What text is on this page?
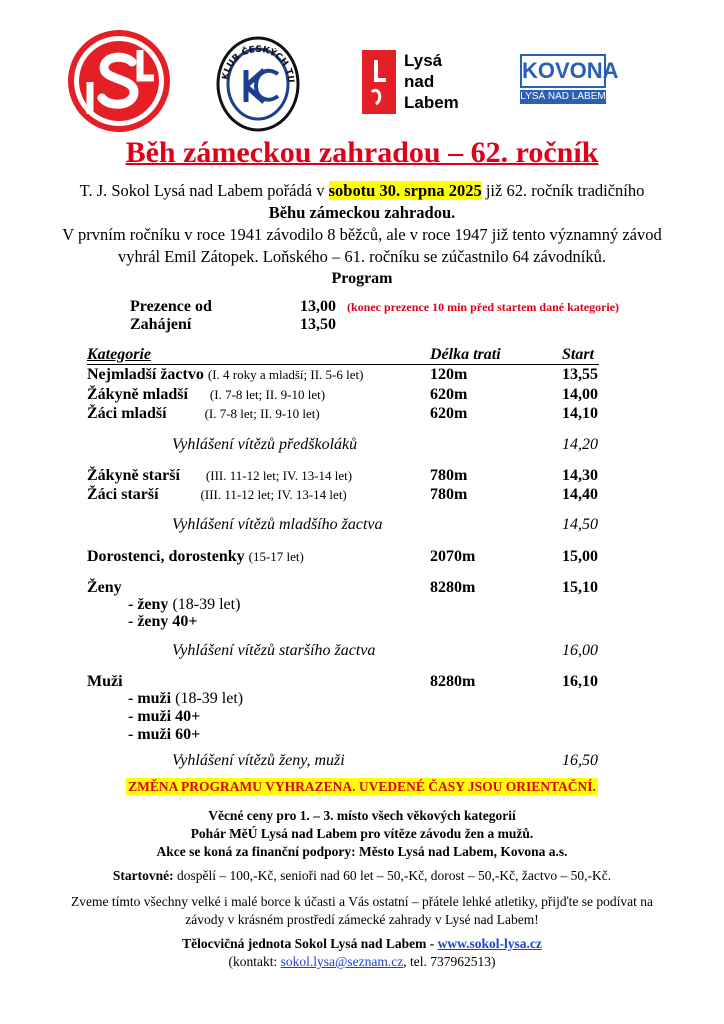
KLUB ČESKÝCH TU
Lysá
nad
Labem
KOVONA
LYSÁ NAD LABEM
Běh zámeckou zahradou – 62. ročník
T. J. Sokol Lysá nad Labem pořádá v sobotu 30. srpna 2025 již 62. ročník tradičního
Běhu zámeckou zahradou.
V prvním ročníku v roce 1941 závodilo 8 běžců, ale v roce 1947 již tento významný závod
vyhrál Emil Zátopek. Loňského – 61. ročníku se zúčastnilo 64 závodníků.
Program
Prezence od	13,00 (konec prezence 10 min před startem dané kategorie)
Zahájení	13,50
Kategorie	Délka trati	Start
Nejmladší žactvo (I. 4 roky a mladší; II. 5-6 let)	120m	13,55
Žákyně mladší (I. 7-8 let; II. 9-10 let)	620m	14,00
Žáci mladší	(I. 7-8 let; II. 9-10 let)	620m	14,10
Vyhlášení vítězů předškoláků	14,20
Žákyně starší (III. 11-12 let; IV. 13-14 let)	780m	14,30
Žáci starší	(III. 11-12 let; IV. 13-14 let)	780m	14,40
Vyhlášení vítězů mladšího žactva	14,50
Dorostenci, dorostenky (15-17 let)	2070m	15,00
Ženy	8280m	15,10
- ženy (18-39 let)
- ženy 40+
Vyhlášení vítězů staršího žactva	16,00
Muži	8280m	16,10
- muži (18-39 let)
- muži 40+
- muži 60+
Vyhlášení vítězů ženy, muži	16,50
ZMĚNA PROGRAMU VYHRAZENA. UVEDENÉ ČASY JSOU ORIENTAČNÍ.
Věcné ceny pro 1. – 3. místo všech věkových kategorií
Pohár MěÚ Lysá nad Labem pro vítěze závodu žen a mužů.
Akce se koná za finanční podpory: Město Lysá nad Labem, Kovona a.s.
Startovné: dospělí – 100,-Kč, senioři nad 60 let – 50,-Kč, dorost – 50,-Kč, žactvo – 50,-Kč.
Zveme tímto všechny velké i malé borce k účasti a Vás ostatní – přátele lehké atletiky, přijďte se podívat na
závody v krásném prostředí zámecké zahrady v Lysé nad Labem!
Tělocvičná jednota Sokol Lysá nad Labem - www.sokol-lysa.cz
(kontakt: sokol.lysa@seznam.cz, tel. 737962513)
